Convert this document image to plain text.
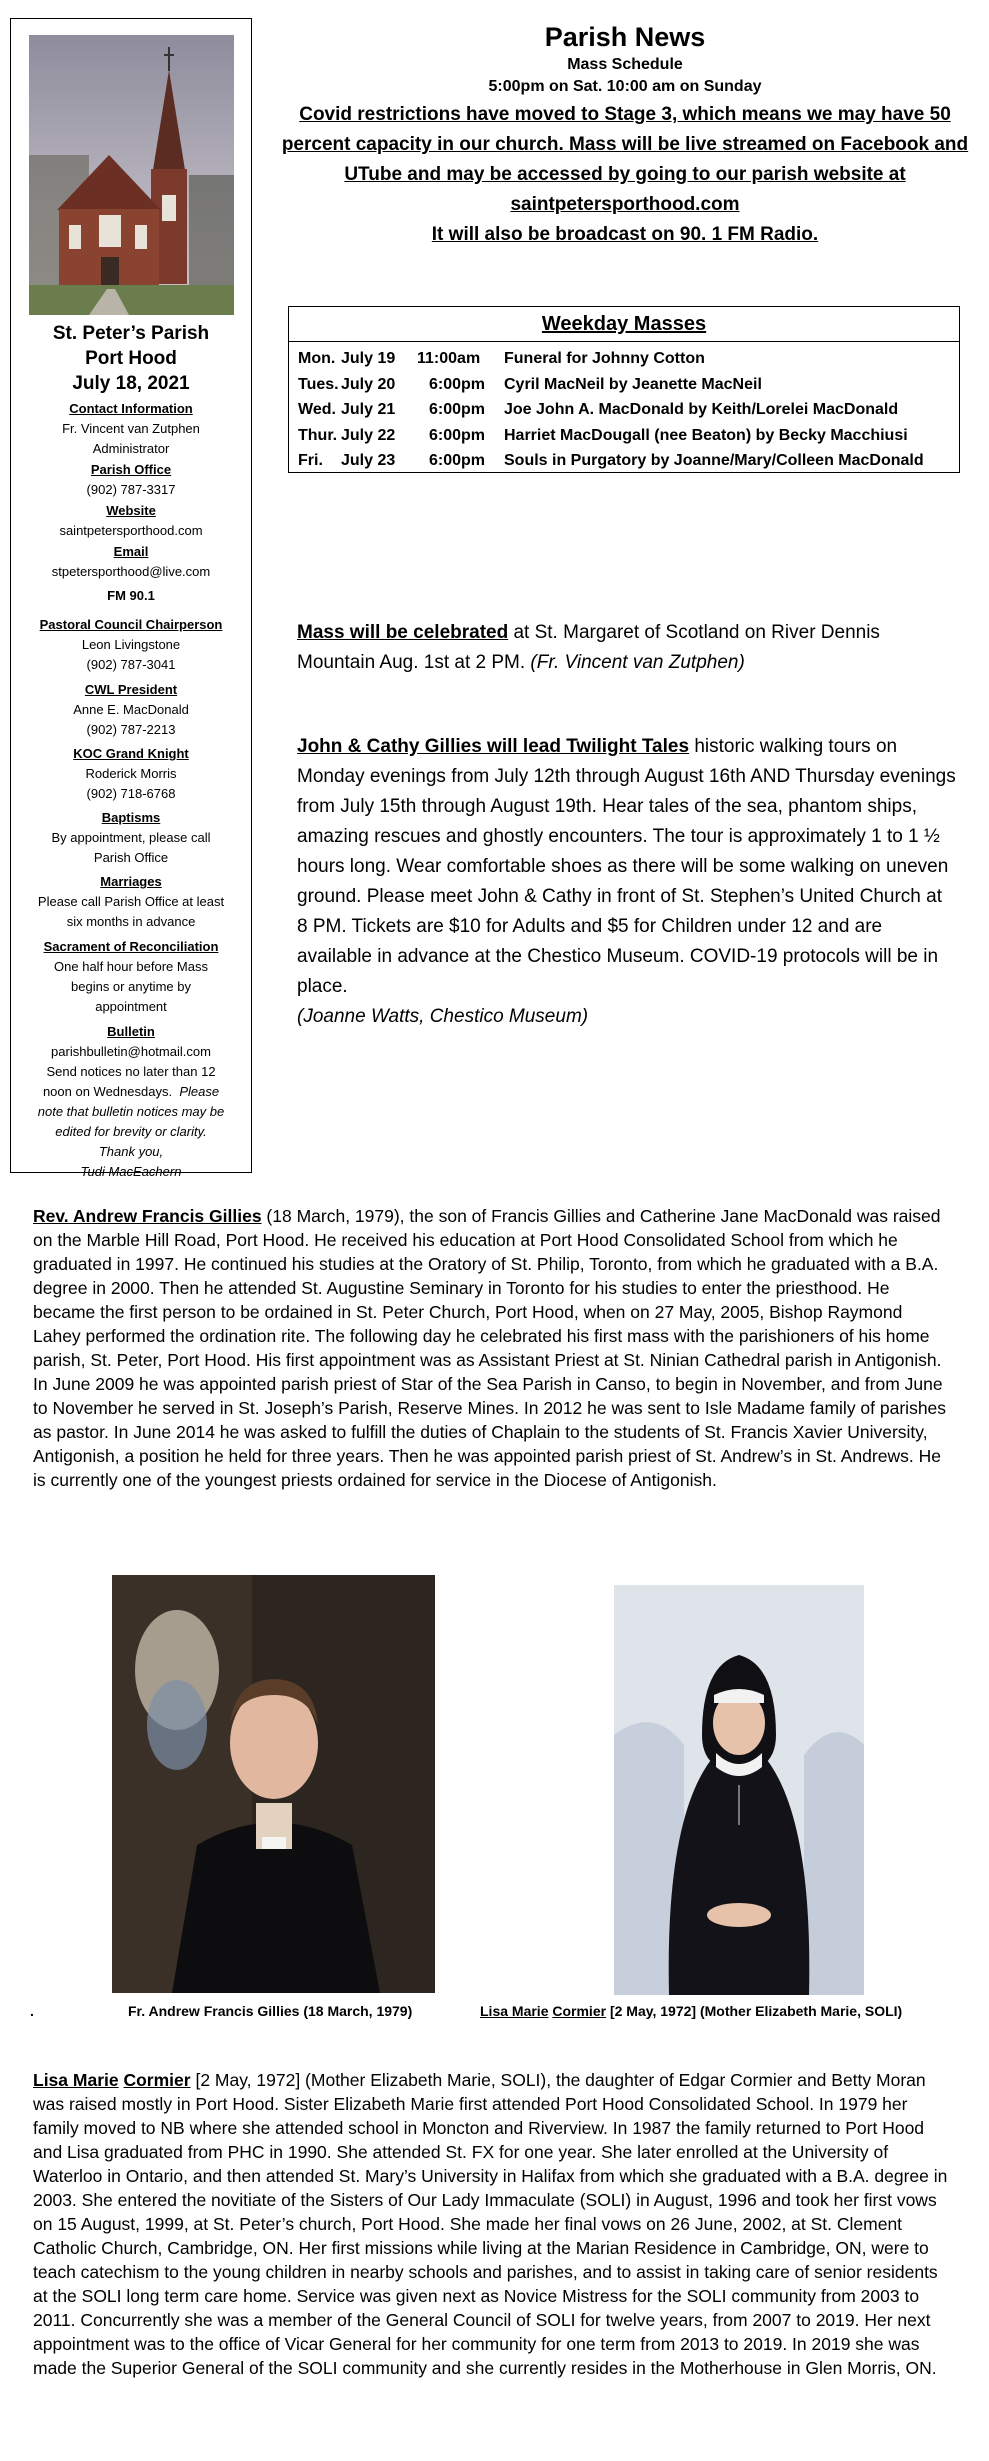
St. Peter’s Parish
Port Hood
July 18, 2021
Contact Information
Fr. Vincent van Zutphen
Administrator
Parish Office
(902) 787-3317
Website
saintpetersporthood.com
Email
stpetersporthood@live.com
FM 90.1
Pastoral Council Chairperson
Leon Livingstone
(902) 787-3041
CWL President
Anne E. MacDonald
(902) 787-2213
KOC Grand Knight
Roderick Morris
(902) 718-6768
Baptisms
By appointment, please call
Parish Office
Marriages
Please call Parish Office at least
six months in advance
Sacrament of Reconciliation
One half hour before Mass
begins or anytime by
appointment
Bulletin
parishbulletin@hotmail.com
Send notices no later than 12
noon on Wednesdays. Please
note that bulletin notices may be
edited for brevity or clarity.
Thank you,
Tudi MacEachern
Parish News
Mass Schedule
5:00pm on Sat. 10:00 am on Sunday
Covid restrictions have moved to Stage 3, which means we may have 50 percent capacity in our church. Mass will be live streamed on Facebook and UTube and may be accessed by going to our parish website at saintpetersporthood.com
It will also be broadcast on 90. 1 FM Radio.
Weekday Masses
Mon. July 19 11:00am Funeral for Johnny Cotton
Tues. July 20 6:00pm Cyril MacNeil by Jeanette MacNeil
Wed. July 21 6:00pm Joe John A. MacDonald by Keith/Lorelei MacDonald
Thur. July 22 6:00pm Harriet MacDougall (nee Beaton) by Becky Macchiusi
Fri. July 23 6:00pm Souls in Purgatory by Joanne/Mary/Colleen MacDonald
Mass will be celebrated at St. Margaret of Scotland on River Dennis Mountain Aug. 1st at 2 PM. (Fr. Vincent van Zutphen)
John & Cathy Gillies will lead Twilight Tales historic walking tours on Monday evenings from July 12th through August 16th AND Thursday evenings from July 15th through August 19th. Hear tales of the sea, phantom ships, amazing rescues and ghostly encounters. The tour is approximately 1 to 1 ½ hours long. Wear comfortable shoes as there will be some walking on uneven ground. Please meet John & Cathy in front of St. Stephen’s United Church at 8 PM. Tickets are $10 for Adults and $5 for Children under 12 and are available in advance at the Chestico Museum. COVID-19 protocols will be in place.
(Joanne Watts, Chestico Museum)
Rev. Andrew Francis Gillies (18 March, 1979), the son of Francis Gillies and Catherine Jane MacDonald was raised on the Marble Hill Road, Port Hood. He received his education at Port Hood Consolidated School from which he graduated in 1997. He continued his studies at the Oratory of St. Philip, Toronto, from which he graduated with a B.A. degree in 2000. Then he attended St. Augustine Seminary in Toronto for his studies to enter the priesthood. He became the first person to be ordained in St. Peter Church, Port Hood, when on 27 May, 2005, Bishop Raymond Lahey performed the ordination rite. The following day he celebrated his first mass with the parishioners of his home parish, St. Peter, Port Hood. His first appointment was as Assistant Priest at St. Ninian Cathedral parish in Antigonish. In June 2009 he was appointed parish priest of Star of the Sea Parish in Canso, to begin in November, and from June to November he served in St. Joseph’s Parish, Reserve Mines. In 2012 he was sent to Isle Madame family of parishes as pastor. In June 2014 he was asked to fulfill the duties of Chaplain to the students of St. Francis Xavier University, Antigonish, a position he held for three years. Then he was appointed parish priest of St. Andrew’s in St. Andrews. He is currently one of the youngest priests ordained for service in the Diocese of Antigonish.
.	Fr. Andrew Francis Gillies (18 March, 1979)	Lisa Marie Cormier [2 May, 1972] (Mother Elizabeth Marie, SOLI)
Lisa Marie Cormier [2 May, 1972] (Mother Elizabeth Marie, SOLI), the daughter of Edgar Cormier and Betty Moran was raised mostly in Port Hood. Sister Elizabeth Marie first attended Port Hood Consolidated School. In 1979 her family moved to NB where she attended school in Moncton and Riverview. In 1987 the family returned to Port Hood and Lisa graduated from PHC in 1990. She attended St. FX for one year. She later enrolled at the University of Waterloo in Ontario, and then attended St. Mary’s University in Halifax from which she graduated with a B.A. degree in 2003. She entered the novitiate of the Sisters of Our Lady Immaculate (SOLI) in August, 1996 and took her first vows on 15 August, 1999, at St. Peter’s church, Port Hood. She made her final vows on 26 June, 2002, at St. Clement Catholic Church, Cambridge, ON. Her first missions while living at the Marian Residence in Cambridge, ON, were to teach catechism to the young children in nearby schools and parishes, and to assist in taking care of senior residents at the SOLI long term care home. Service was given next as Novice Mistress for the SOLI community from 2003 to 2011. Concurrently she was a member of the General Council of SOLI for twelve years, from 2007 to 2019. Her next appointment was to the office of Vicar General for her community for one term from 2013 to 2019. In 2019 she was made the Superior General of the SOLI community and she currently resides in the Motherhouse in Glen Morris, ON.
